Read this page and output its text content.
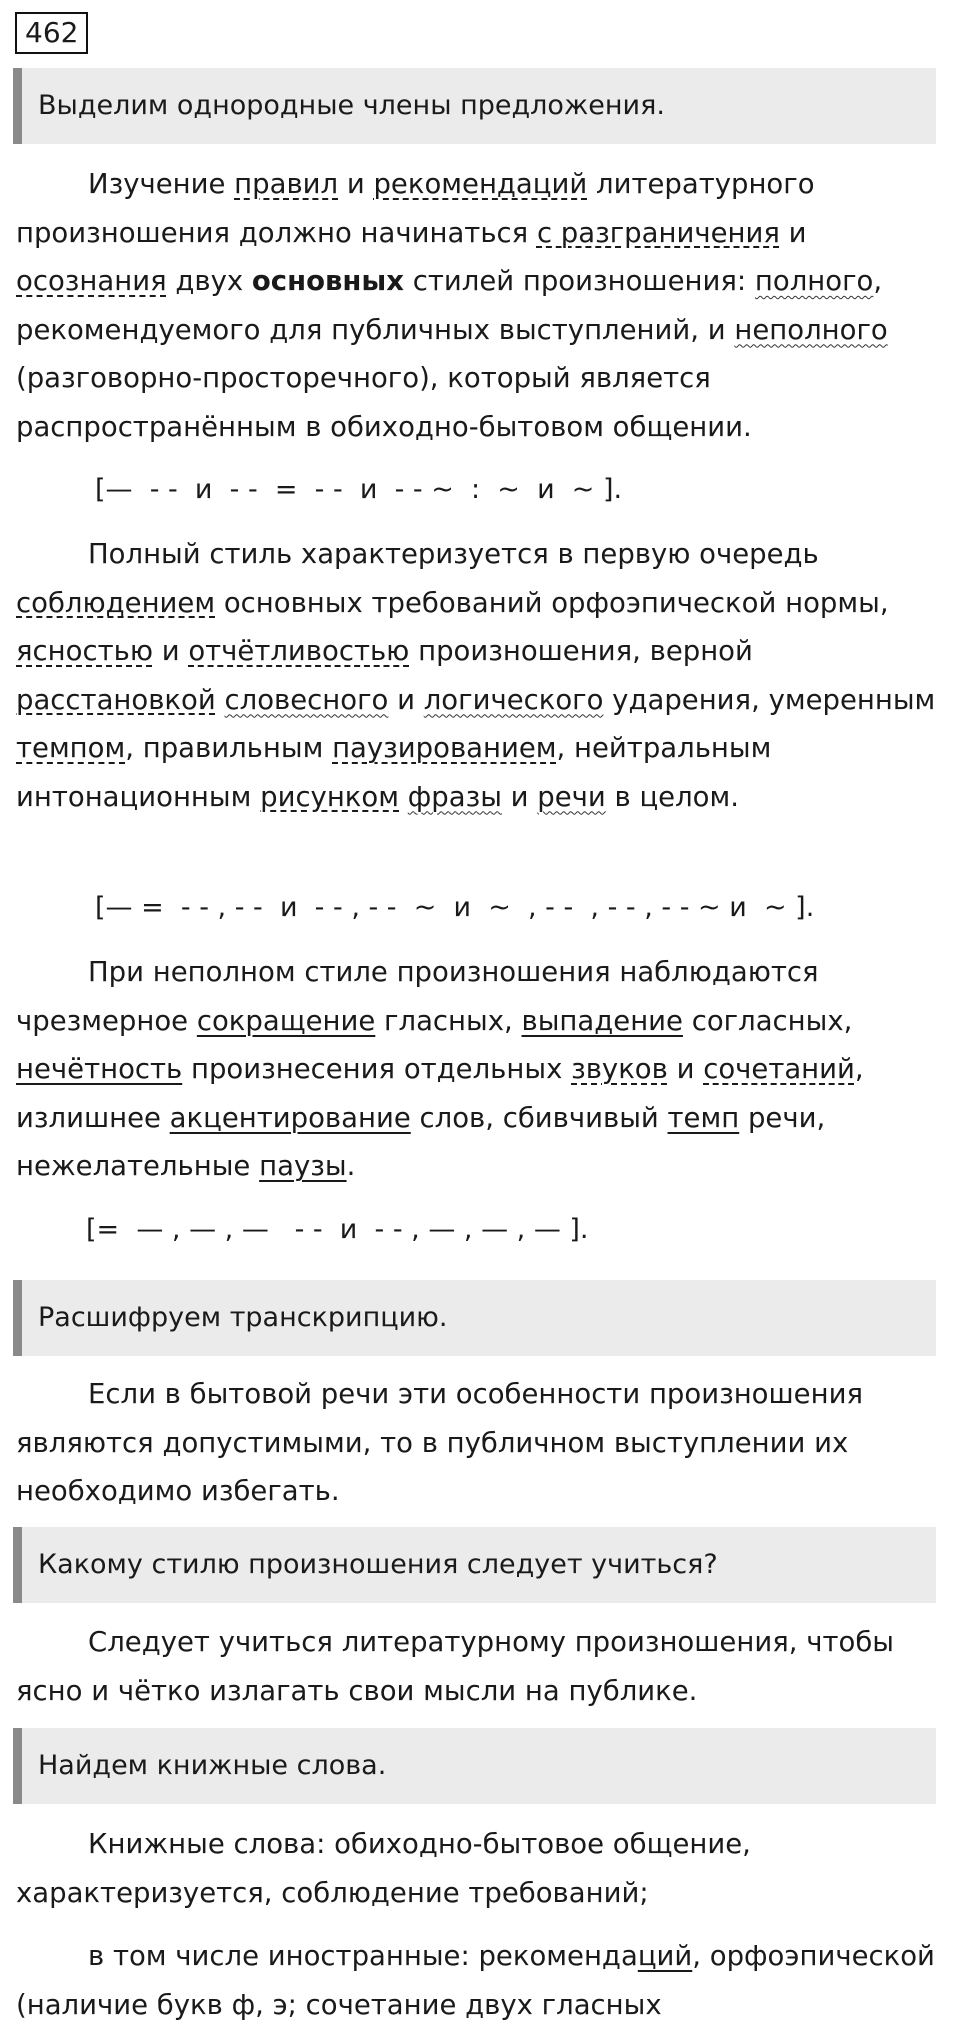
462
Выделим однородные члены предложения.

Изучение правил и рекомендаций литературного произношения должно начинаться с разграничения и осознания двух основных стилей произношения: полного, рекомендуемого для публичных выступлений, и неполного (разговорно-просторечного), который является распространённым в обиходно-бытовом общении.

[—  - -  и  - -  =  - -  и  - - ~  :  ~  и  ~ ].

Полный стиль характеризуется в первую очередь соблюдением основных требований орфоэпической нормы, ясностью и отчётливостью произношения, верной расстановкой словесного и логического ударения, умеренным темпом, правильным паузированием, нейтральным интонационным рисунком фразы и речи в целом.

[— =  - - , - -  и  - - , - -  ~  и  ~  , - -  , - - , - - ~ и  ~ ].

При неполном стиле произношения наблюдаются чрезмерное сокращение гласных, выпадение согласных, нечётность произнесения отдельных звуков и сочетаний, излишнее акцентирование слов, сбивчивый темп речи, нежелательные паузы.

[=  — , — , —   - -  и  - - , — , — , — ].
Расшифруем транскрипцию.

Если в бытовой речи эти особенности произношения являются допустимыми, то в публичном выступлении их необходимо избегать.

Какому стилю произношения следует учиться?

Следует учиться литературному произношения, чтобы ясно и чётко излагать свои мысли на публике.

Найдем книжные слова.

Книжные слова: обиходно-бытовое общение, характеризуется, соблюдение требований;

в том числе иностранные: рекомендаций, орфоэпической (наличие букв ф, э; сочетание двух гласных
